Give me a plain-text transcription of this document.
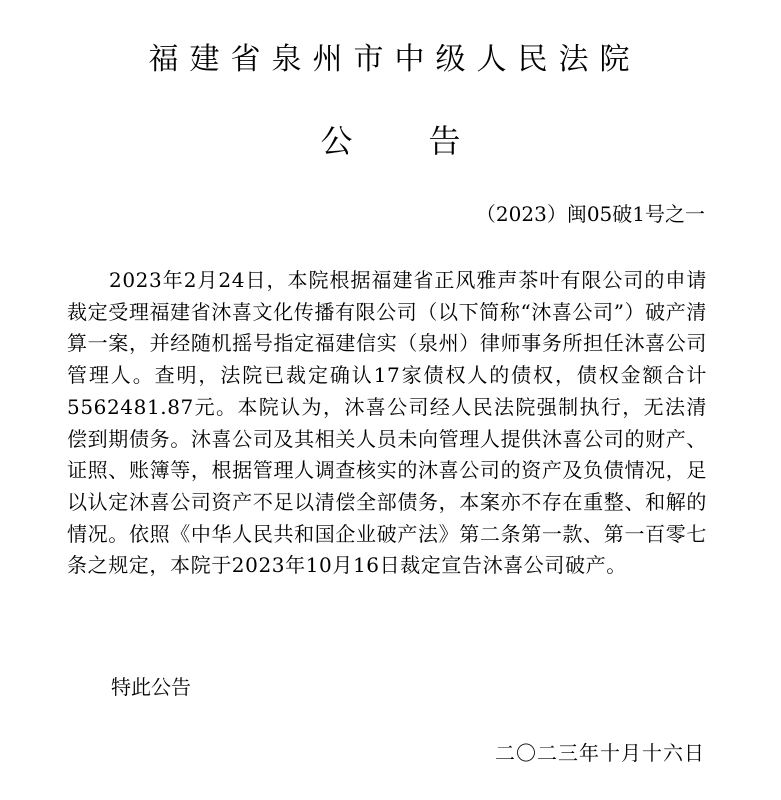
福建省泉州市中级人民法院
公告
（2023）闽05破1号之一

2023年2月24日，本院根据福建省正风雅声茶叶有限公司的申请裁定受理福建省沐喜文化传播有限公司（以下简称“沐喜公司”）破产清算一案，并经随机摇号指定福建信实（泉州）律师事务所担任沐喜公司管理人。查明，法院已裁定确认17家债权人的债权，债权金额合计5562481.87元。本院认为，沐喜公司经人民法院强制执行，无法清偿到期债务。沐喜公司及其相关人员未向管理人提供沐喜公司的财产、证照、账簿等，根据管理人调查核实的沐喜公司的资产及负债情况，足以认定沐喜公司资产不足以清偿全部债务，本案亦不存在重整、和解的情况。依照《中华人民共和国企业破产法》第二条第一款、第一百零七条之规定，本院于2023年10月16日裁定宣告沐喜公司破产。

特此公告
二〇二三年十月十六日
